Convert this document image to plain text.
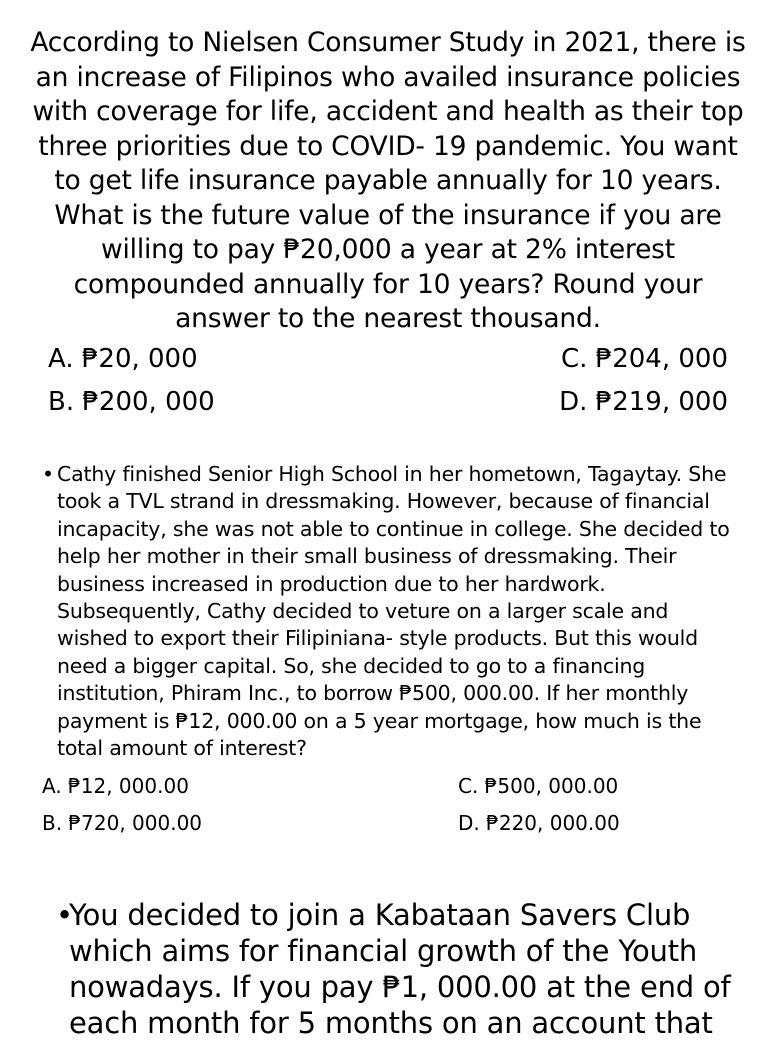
According to Nielsen Consumer Study in 2021, there is an increase of Filipinos who availed insurance policies with coverage for life, accident and health as their top three priorities due to COVID- 19 pandemic. You want to get life insurance payable annually for 10 years. What is the future value of the insurance if you are willing to pay ₱20,000 a year at 2% interest compounded annually for 10 years? Round your answer to the nearest thousand.
A. ₱20, 000	C. ₱204, 000
B. ₱200, 000	D. ₱219, 000
• Cathy finished Senior High School in her hometown, Tagaytay. She took a TVL strand in dressmaking. However, because of financial incapacity, she was not able to continue in college. She decided to help her mother in their small business of dressmaking. Their business increased in production due to her hardwork. Subsequently, Cathy decided to veture on a larger scale and wished to export their Filipiniana- style products. But this would need a bigger capital. So, she decided to go to a financing institution, Phiram Inc., to borrow ₱500, 000.00. If her monthly payment is ₱12, 000.00 on a 5 year mortgage, how much is the total amount of interest?
A. ₱12, 000.00	C. ₱500, 000.00
B. ₱720, 000.00	D. ₱220, 000.00
•
You decided to join a Kabataan Savers Club which aims for financial growth of the Youth nowadays. If you pay ₱1, 000.00 at the end of each month for 5 months on an account that
